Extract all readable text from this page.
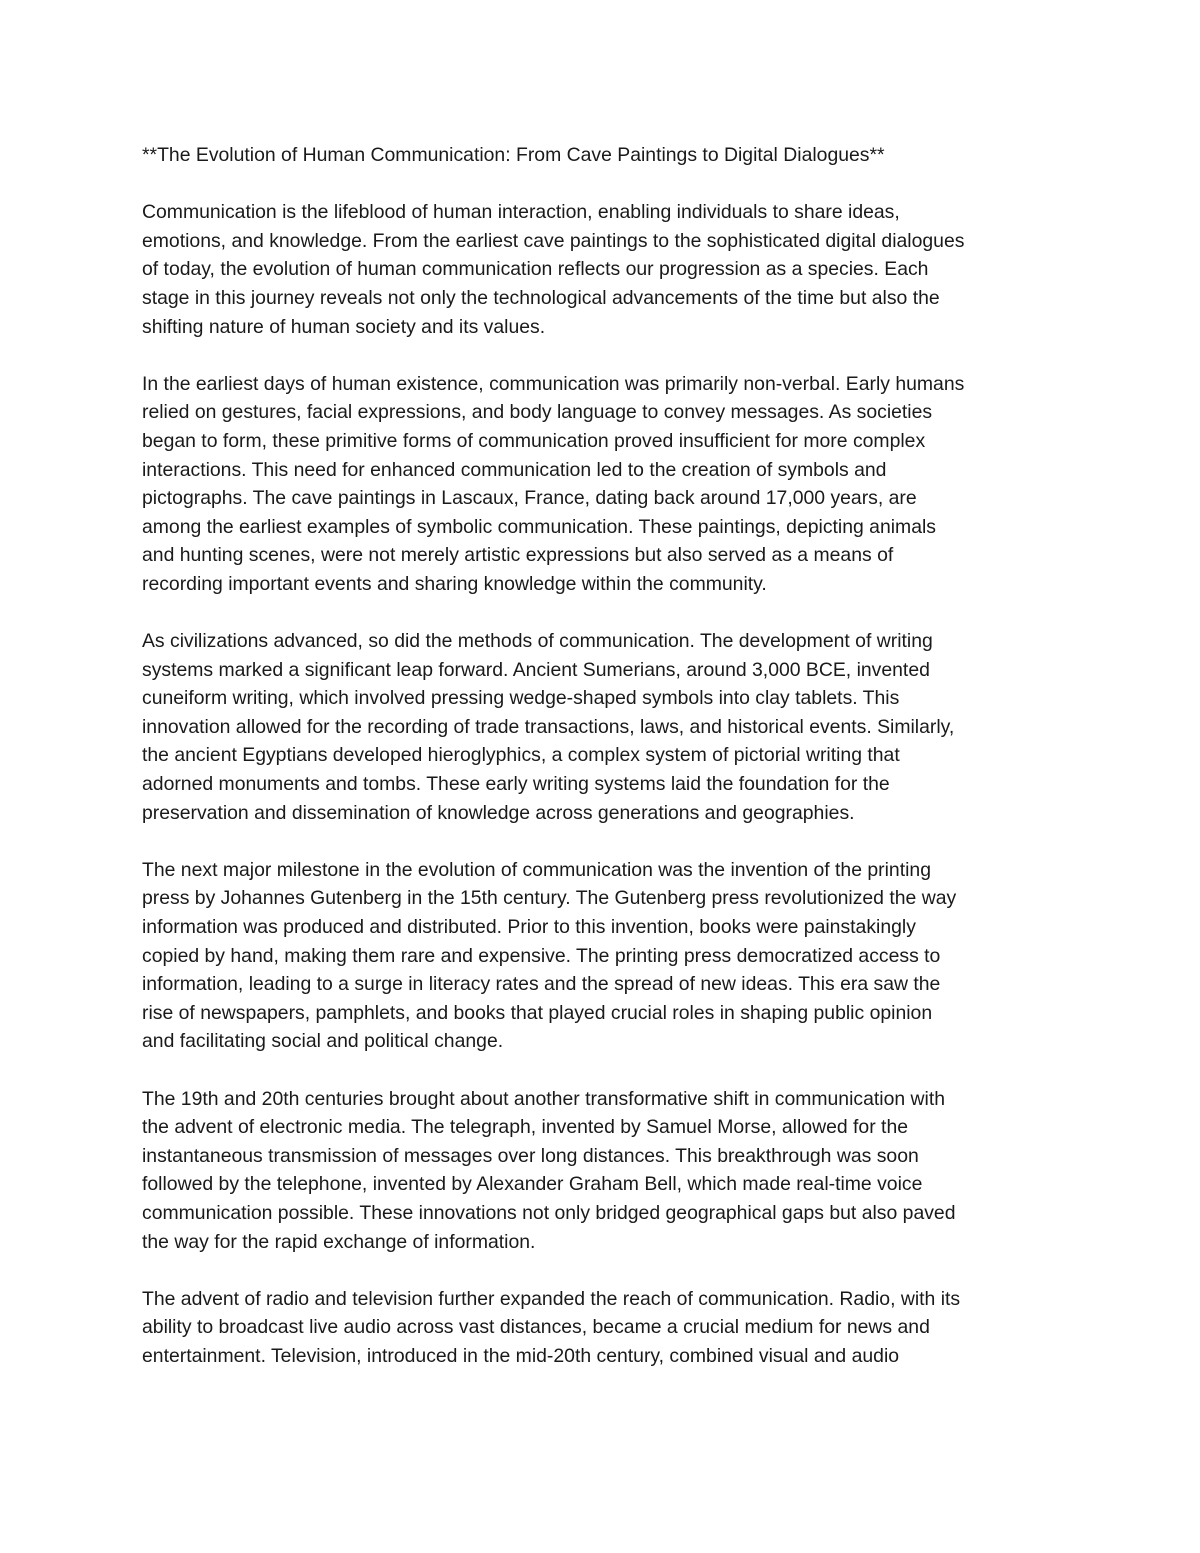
**The Evolution of Human Communication: From Cave Paintings to Digital Dialogues**
Communication is the lifeblood of human interaction, enabling individuals to share ideas,
emotions, and knowledge. From the earliest cave paintings to the sophisticated digital dialogues
of today, the evolution of human communication reflects our progression as a species. Each
stage in this journey reveals not only the technological advancements of the time but also the
shifting nature of human society and its values.
In the earliest days of human existence, communication was primarily non-verbal. Early humans
relied on gestures, facial expressions, and body language to convey messages. As societies
began to form, these primitive forms of communication proved insufficient for more complex
interactions. This need for enhanced communication led to the creation of symbols and
pictographs. The cave paintings in Lascaux, France, dating back around 17,000 years, are
among the earliest examples of symbolic communication. These paintings, depicting animals
and hunting scenes, were not merely artistic expressions but also served as a means of
recording important events and sharing knowledge within the community.
As civilizations advanced, so did the methods of communication. The development of writing
systems marked a significant leap forward. Ancient Sumerians, around 3,000 BCE, invented
cuneiform writing, which involved pressing wedge-shaped symbols into clay tablets. This
innovation allowed for the recording of trade transactions, laws, and historical events. Similarly,
the ancient Egyptians developed hieroglyphics, a complex system of pictorial writing that
adorned monuments and tombs. These early writing systems laid the foundation for the
preservation and dissemination of knowledge across generations and geographies.
The next major milestone in the evolution of communication was the invention of the printing
press by Johannes Gutenberg in the 15th century. The Gutenberg press revolutionized the way
information was produced and distributed. Prior to this invention, books were painstakingly
copied by hand, making them rare and expensive. The printing press democratized access to
information, leading to a surge in literacy rates and the spread of new ideas. This era saw the
rise of newspapers, pamphlets, and books that played crucial roles in shaping public opinion
and facilitating social and political change.
The 19th and 20th centuries brought about another transformative shift in communication with
the advent of electronic media. The telegraph, invented by Samuel Morse, allowed for the
instantaneous transmission of messages over long distances. This breakthrough was soon
followed by the telephone, invented by Alexander Graham Bell, which made real-time voice
communication possible. These innovations not only bridged geographical gaps but also paved
the way for the rapid exchange of information.
The advent of radio and television further expanded the reach of communication. Radio, with its
ability to broadcast live audio across vast distances, became a crucial medium for news and
entertainment. Television, introduced in the mid-20th century, combined visual and audio
